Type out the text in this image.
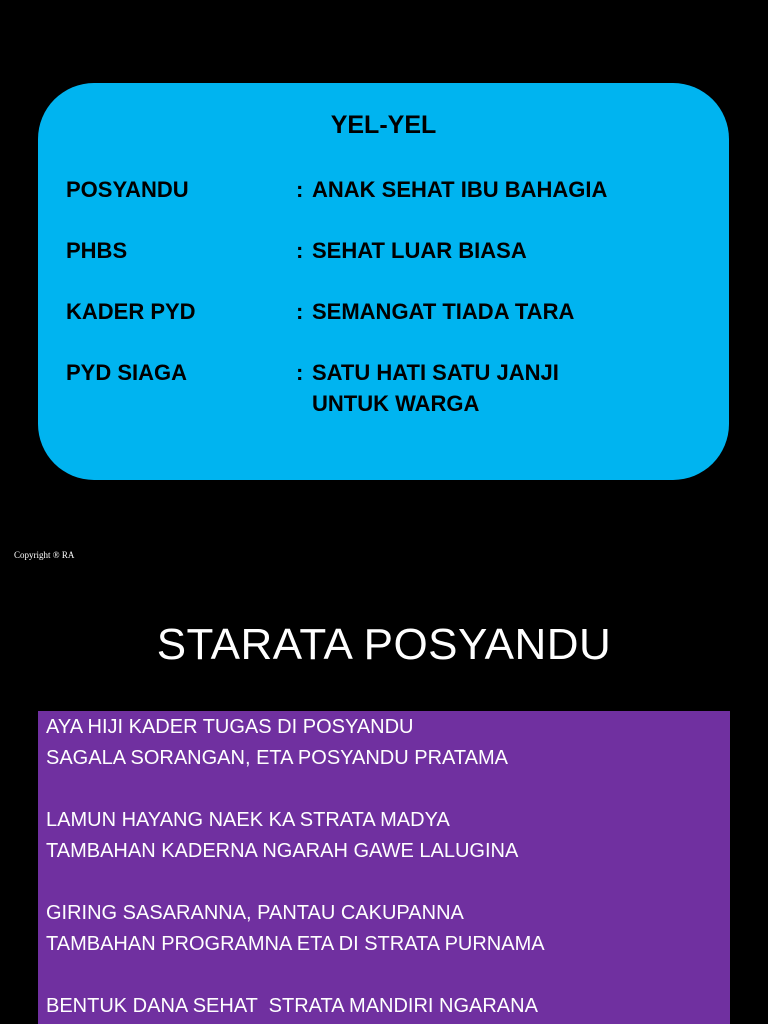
YEL-YEL
POSYANDU	: ANAK SEHAT IBU BAHAGIA
PHBS	: SEHAT LUAR BIASA
KADER PYD	: SEMANGAT TIADA TARA
PYD SIAGA	: SATU HATI SATU JANJI
UNTUK WARGA
Copyright ® RA
STARATA POSYANDU
AYA HIJI KADER TUGAS DI POSYANDU
SAGALA SORANGAN, ETA POSYANDU PRATAMA
LAMUN HAYANG NAEK KA STRATA MADYA
TAMBAHAN KADERNA NGARAH GAWE LALUGINA
GIRING SASARANNA, PANTAU CAKUPANNA
TAMBAHAN PROGRAMNA ETA DI STRATA PURNAMA
BENTUK DANA SEHAT  STRATA MANDIRI NGARANA
